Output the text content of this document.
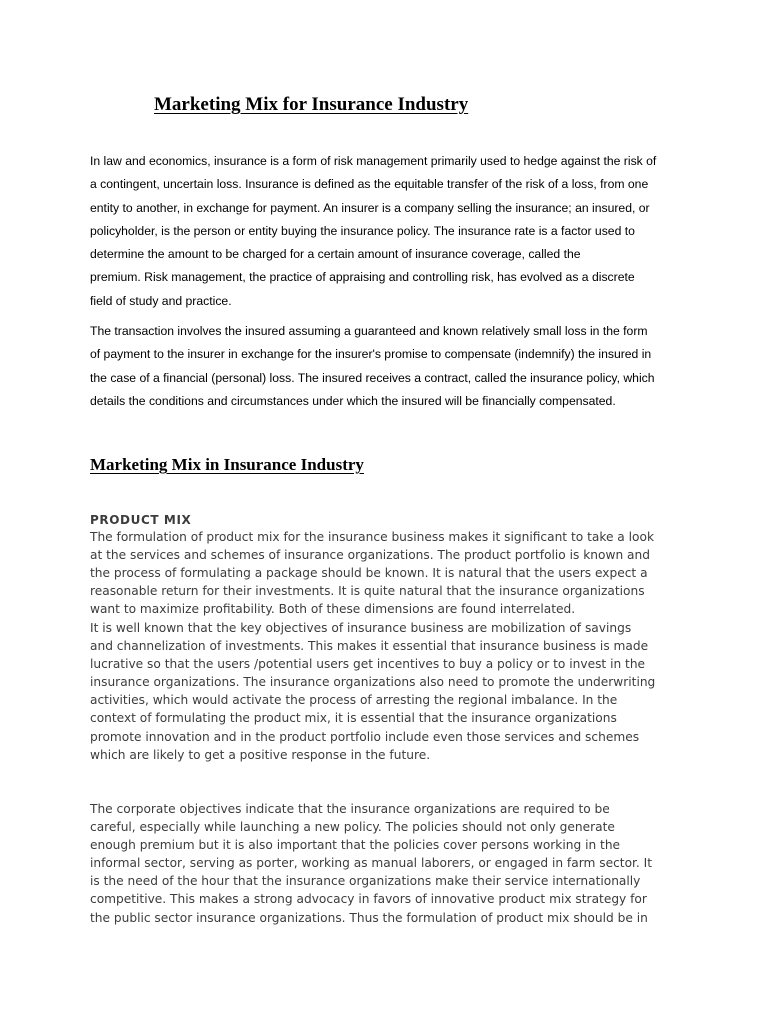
Marketing Mix for Insurance Industry

In law and economics, insurance is a form of risk management primarily used to hedge against the risk of
a contingent, uncertain loss. Insurance is defined as the equitable transfer of the risk of a loss, from one
entity to another, in exchange for payment. An insurer is a company selling the insurance; an insured, or
policyholder, is the person or entity buying the insurance policy. The insurance rate is a factor used to
determine the amount to be charged for a certain amount of insurance coverage, called the
premium. Risk management, the practice of appraising and controlling risk, has evolved as a discrete
field of study and practice.

The transaction involves the insured assuming a guaranteed and known relatively small loss in the form
of payment to the insurer in exchange for the insurer's promise to compensate (indemnify) the insured in
the case of a financial (personal) loss. The insured receives a contract, called the insurance policy, which
details the conditions and circumstances under which the insured will be financially compensated.

Marketing Mix in Insurance Industry
PRODUCT MIX

The formulation of product mix for the insurance business makes it significant to take a look
at the services and schemes of insurance organizations. The product portfolio is known and
the process of formulating a package should be known. It is natural that the users expect a
reasonable return for their investments. It is quite natural that the insurance organizations
want to maximize profitability. Both of these dimensions are found interrelated.

It is well known that the key objectives of insurance business are mobilization of savings
and channelization of investments. This makes it essential that insurance business is made
lucrative so that the users /potential users get incentives to buy a policy or to invest in the
insurance organizations. The insurance organizations also need to promote the underwriting
activities, which would activate the process of arresting the regional imbalance. In the
context of formulating the product mix, it is essential that the insurance organizations
promote innovation and in the product portfolio include even those services and schemes
which are likely to get a positive response in the future.

The corporate objectives indicate that the insurance organizations are required to be
careful, especially while launching a new policy. The policies should not only generate
enough premium but it is also important that the policies cover persons working in the
informal sector, serving as porter, working as manual laborers, or engaged in farm sector. It
is the need of the hour that the insurance organizations make their service internationally
competitive. This makes a strong advocacy in favors of innovative product mix strategy for
the public sector insurance organizations. Thus the formulation of product mix should be in
